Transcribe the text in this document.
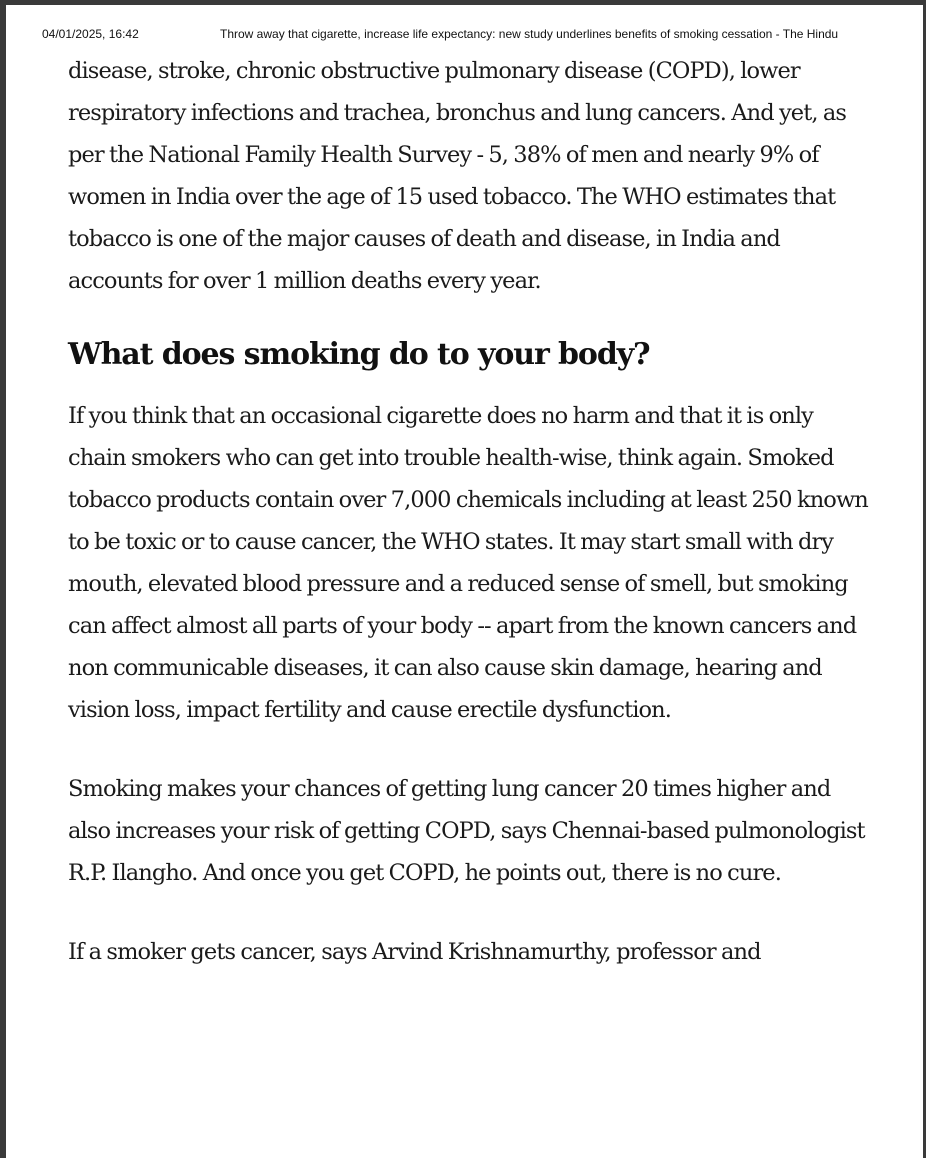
04/01/2025, 16:42	Throw away that cigarette, increase life expectancy: new study underlines benefits of smoking cessation - The Hindu

disease, stroke, chronic obstructive pulmonary disease (COPD), lower respiratory infections and trachea, bronchus and lung cancers. And yet, as per the National Family Health Survey - 5, 38% of men and nearly 9% of women in India over the age of 15 used tobacco. The WHO estimates that tobacco is one of the major causes of death and disease, in India and accounts for over 1 million deaths every year.

What does smoking do to your body?

If you think that an occasional cigarette does no harm and that it is only chain smokers who can get into trouble health-wise, think again. Smoked tobacco products contain over 7,000 chemicals including at least 250 known to be toxic or to cause cancer, the WHO states. It may start small with dry mouth, elevated blood pressure and a reduced sense of smell, but smoking can affect almost all parts of your body -- apart from the known cancers and non communicable diseases, it can also cause skin damage, hearing and vision loss, impact fertility and cause erectile dysfunction.

Smoking makes your chances of getting lung cancer 20 times higher and also increases your risk of getting COPD, says Chennai-based pulmonologist R.P. Ilangho. And once you get COPD, he points out, there is no cure.

If a smoker gets cancer, says Arvind Krishnamurthy, professor and
